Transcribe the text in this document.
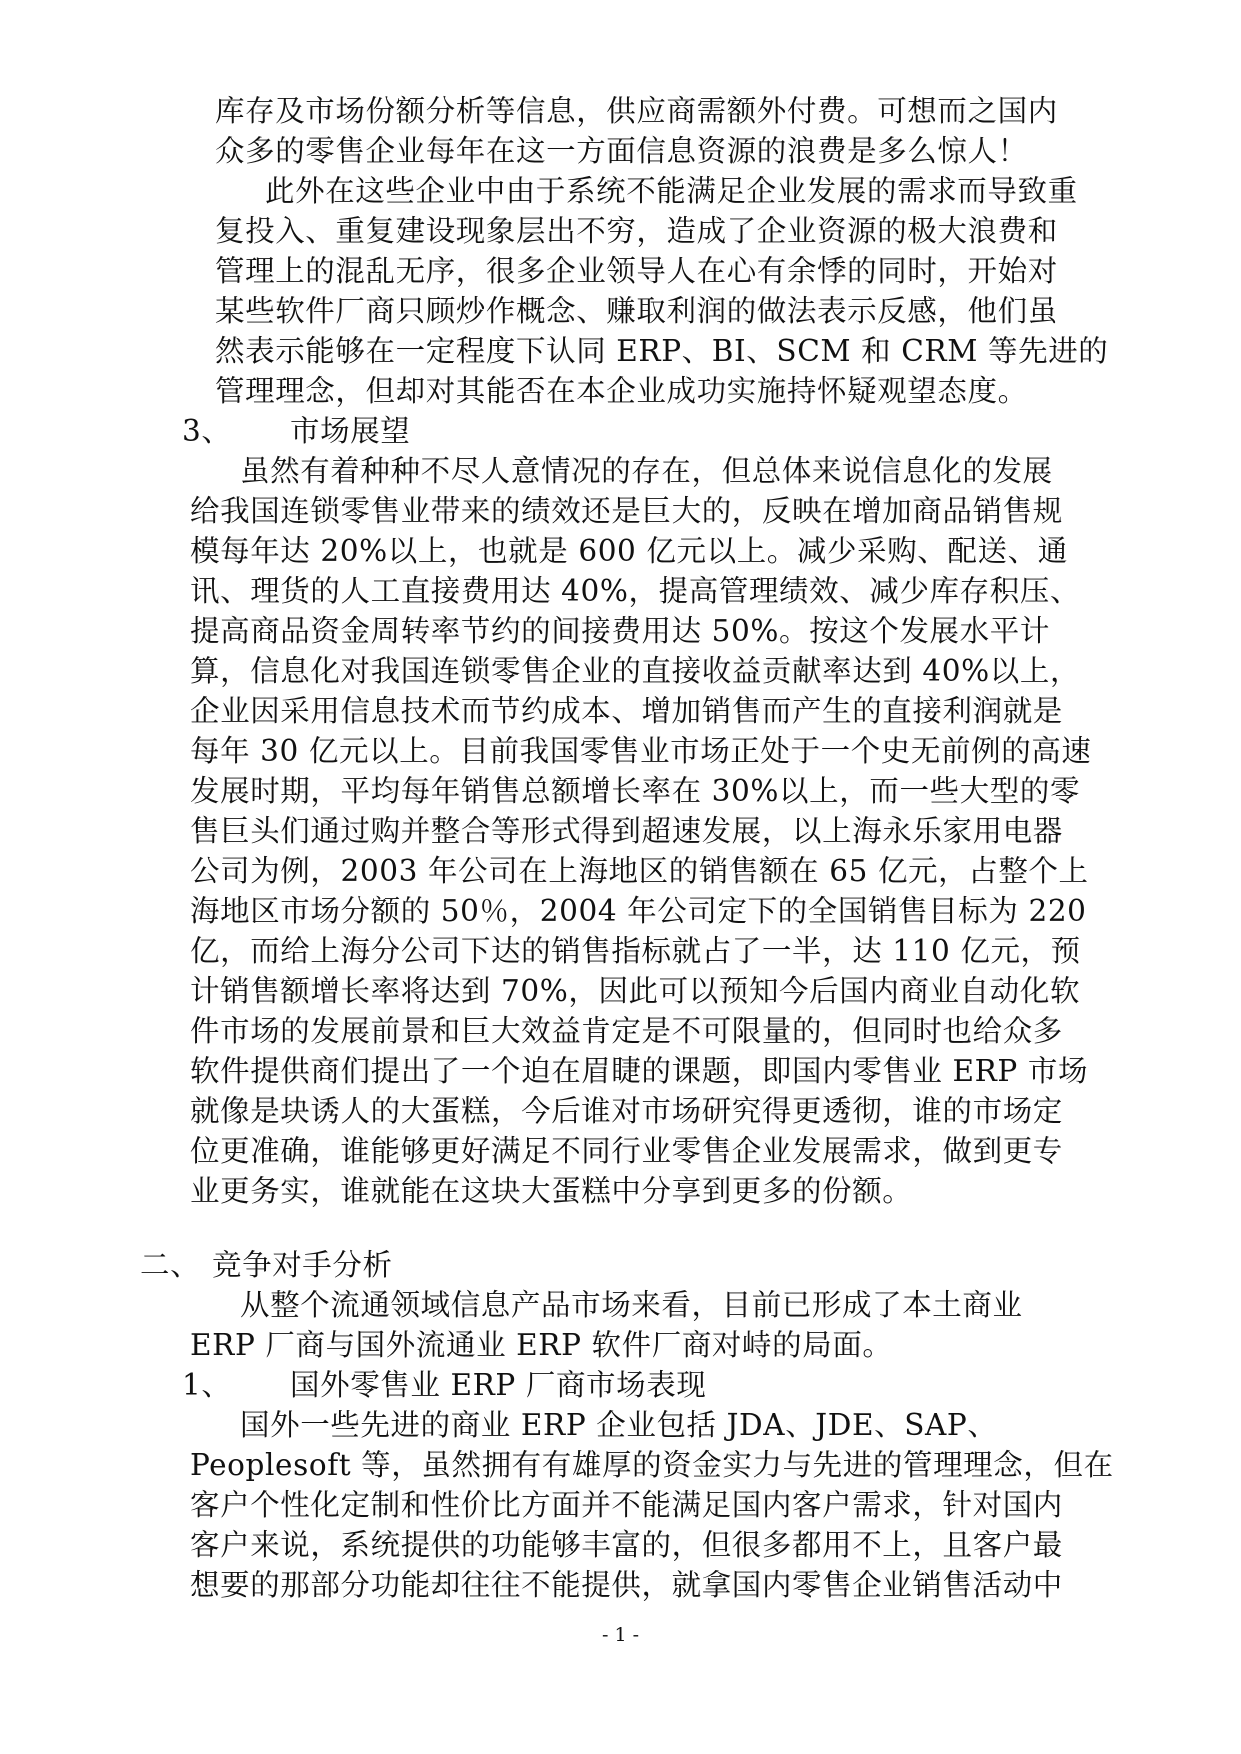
库存及市场份额分析等信息，供应商需额外付费。可想而之国内
众多的零售企业每年在这一方面信息资源的浪费是多么惊人！
此外在这些企业中由于系统不能满足企业发展的需求而导致重
复投入、重复建设现象层出不穷，造成了企业资源的极大浪费和
管理上的混乱无序，很多企业领导人在心有余悸的同时，开始对
某些软件厂商只顾炒作概念、赚取利润的做法表示反感，他们虽
然表示能够在一定程度下认同 ERP、BI、SCM 和 CRM 等先进的
管理理念，但却对其能否在本企业成功实施持怀疑观望态度。
3、 市场展望
虽然有着种种不尽人意情况的存在，但总体来说信息化的发展
给我国连锁零售业带来的绩效还是巨大的，反映在增加商品销售规
模每年达 20%以上，也就是 600 亿元以上。减少采购、配送、通
讯、理货的人工直接费用达 40%，提高管理绩效、减少库存积压、
提高商品资金周转率节约的间接费用达 50%。按这个发展水平计
算，信息化对我国连锁零售企业的直接收益贡献率达到 40%以上，
企业因采用信息技术而节约成本、增加销售而产生的直接利润就是
每年 30 亿元以上。目前我国零售业市场正处于一个史无前例的高速
发展时期，平均每年销售总额增长率在 30%以上，而一些大型的零
售巨头们通过购并整合等形式得到超速发展，以上海永乐家用电器
公司为例，2003 年公司在上海地区的销售额在 65 亿元，占整个上
海地区市场分额的 50％，2004 年公司定下的全国销售目标为 220
亿，而给上海分公司下达的销售指标就占了一半，达 110 亿元，预
计销售额增长率将达到 70%，因此可以预知今后国内商业自动化软
件市场的发展前景和巨大效益肯定是不可限量的，但同时也给众多
软件提供商们提出了一个迫在眉睫的课题，即国内零售业 ERP 市场
就像是块诱人的大蛋糕，今后谁对市场研究得更透彻，谁的市场定
位更准确，谁能够更好满足不同行业零售企业发展需求，做到更专
业更务实，谁就能在这块大蛋糕中分享到更多的份额。
二、 竞争对手分析
从整个流通领域信息产品市场来看，目前已形成了本土商业
ERP 厂商与国外流通业 ERP 软件厂商对峙的局面。
1、 国外零售业 ERP 厂商市场表现
国外一些先进的商业 ERP 企业包括 JDA、JDE、SAP、
Peoplesoft 等，虽然拥有有雄厚的资金实力与先进的管理理念，但在
客户个性化定制和性价比方面并不能满足国内客户需求，针对国内
客户来说，系统提供的功能够丰富的，但很多都用不上，且客户最
想要的那部分功能却往往不能提供，就拿国内零售企业销售活动中
- 1 -
